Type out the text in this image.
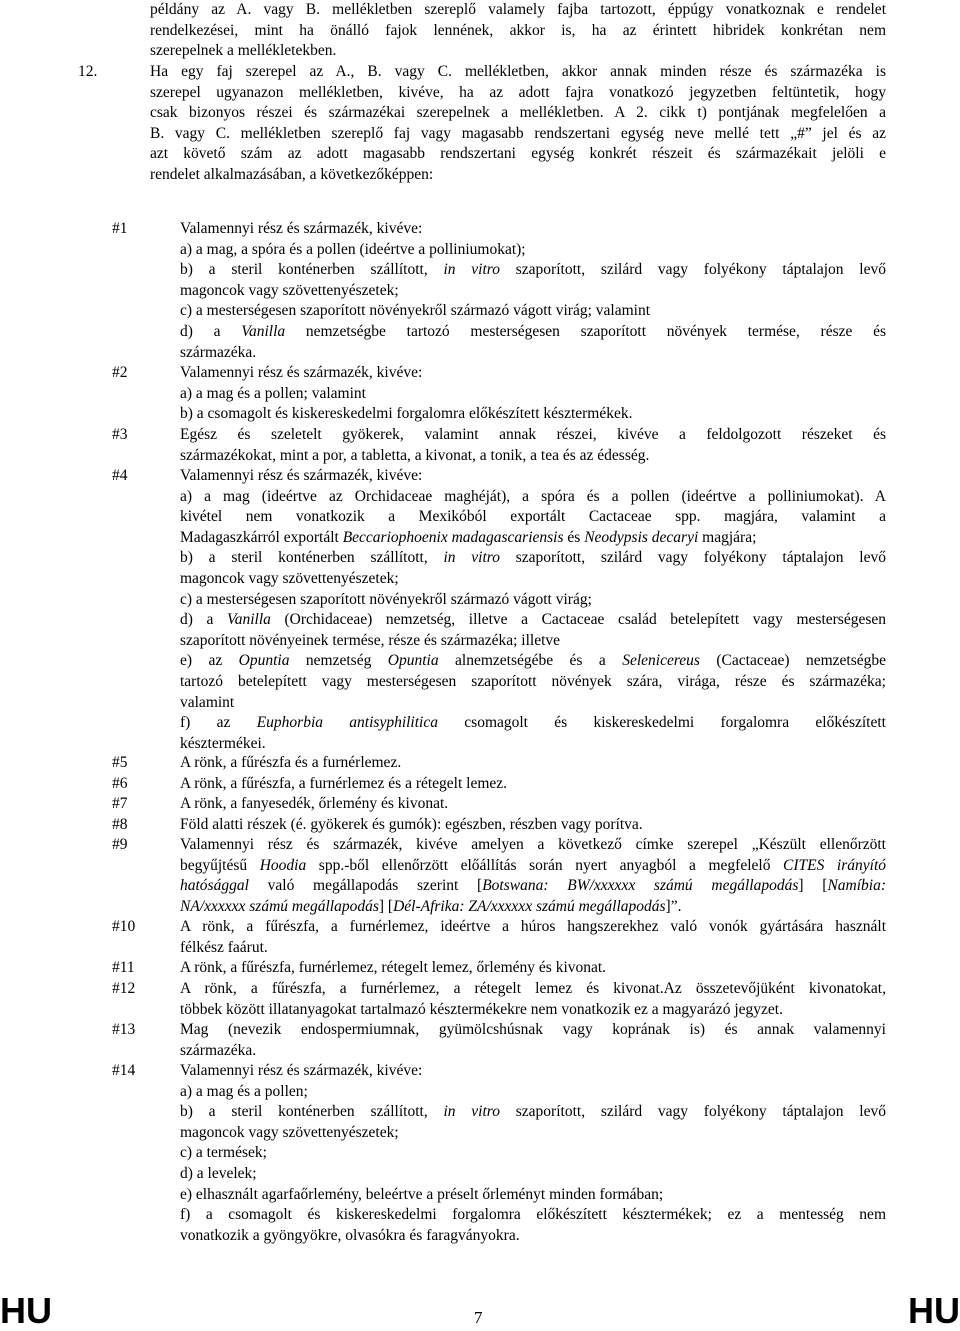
példány az A. vagy B. mellékletben szereplő valamely fajba tartozott, éppúgy vonatkoznak e rendelet
rendelkezései, mint ha önálló fajok lennének, akkor is, ha az érintett hibridek konkrétan nem
szerepelnek a mellékletekben.
12.	Ha egy faj szerepel az A., B. vagy C. mellékletben, akkor annak minden része és származéka is
szerepel ugyanazon mellékletben, kivéve, ha az adott fajra vonatkozó jegyzetben feltüntetik, hogy
csak bizonyos részei és származékai szerepelnek a mellékletben. A 2. cikk t) pontjának megfelelően a
B. vagy C. mellékletben szereplő faj vagy magasabb rendszertani egység neve mellé tett „#” jel és az
azt követő szám az adott magasabb rendszertani egység konkrét részeit és származékait jelöli e
rendelet alkalmazásában, a következőképpen:
#1	Valamennyi rész és származék, kivéve:
a) a mag, a spóra és a pollen (ideértve a polliniumokat);
b) a steril konténerben szállított, in vitro szaporított, szilárd vagy folyékony táptalajon levő
magoncok vagy szövettenyészetek;
c) a mesterségesen szaporított növényekről származó vágott virág; valamint
d) a Vanilla nemzetségbe tartozó mesterségesen szaporított növények termése, része és
származéka.
#2	Valamennyi rész és származék, kivéve:
a) a mag és a pollen; valamint
b) a csomagolt és kiskereskedelmi forgalomra előkészített késztermékek.
#3	Egész és szeletelt gyökerek, valamint annak részei, kivéve a feldolgozott részeket és
származékokat, mint a por, a tabletta, a kivonat, a tonik, a tea és az édesség.
#4	Valamennyi rész és származék, kivéve:
a) a mag (ideértve az Orchidaceae maghéját), a spóra és a pollen (ideértve a polliniumokat). A
kivétel nem vonatkozik a Mexikóból exportált Cactaceae spp. magjára, valamint a
Madagaszkárról exportált Beccariophoenix madagascariensis és Neodypsis decaryi magjára;
b) a steril konténerben szállított, in vitro szaporított, szilárd vagy folyékony táptalajon levő
magoncok vagy szövettenyészetek;
c) a mesterségesen szaporított növényekről származó vágott virág;
d) a Vanilla (Orchidaceae) nemzetség, illetve a Cactaceae család betelepített vagy mesterségesen
szaporított növényeinek termése, része és származéka; illetve
e) az Opuntia nemzetség Opuntia alnemzetségébe és a Selenicereus (Cactaceae) nemzetségbe
tartozó betelepített vagy mesterségesen szaporított növények szára, virága, része és származéka;
valamint
f) az Euphorbia antisyphilitica csomagolt és kiskereskedelmi forgalomra előkészített
késztermékei.
#5	A rönk, a fűrészfa és a furnérlemez.
#6	A rönk, a fűrészfa, a furnérlemez és a rétegelt lemez.
#7	A rönk, a fanyesedék, őrlemény és kivonat.
#8	Föld alatti részek (é. gyökerek és gumók): egészben, részben vagy porítva.
#9	Valamennyi rész és származék, kivéve amelyen a következő címke szerepel „Készült ellenőrzött
begyűjtésű Hoodia spp.-ből ellenőrzött előállítás során nyert anyagból a megfelelő CITES irányító
hatósággal való megállapodás szerint [Botswana: BW/xxxxxx számú megállapodás] [Namíbia:
NA/xxxxxx számú megállapodás] [Dél-Afrika: ZA/xxxxxx számú megállapodás]”.
#10	A rönk, a fűrészfa, a furnérlemez, ideértve a húros hangszerekhez való vonók gyártására használt
félkész faárut.
#11	A rönk, a fűrészfa, furnérlemez, rétegelt lemez, őrlemény és kivonat.
#12	A rönk, a fűrészfa, a furnérlemez, a rétegelt lemez és kivonat.Az összetevőjüként kivonatokat,
többek között illatanyagokat tartalmazó késztermékekre nem vonatkozik ez a magyarázó jegyzet.
#13	Mag (nevezik endospermiumnak, gyümölcshúsnak vagy koprának is) és annak valamennyi
származéka.
#14	Valamennyi rész és származék, kivéve:
a) a mag és a pollen;
b) a steril konténerben szállított, in vitro szaporított, szilárd vagy folyékony táptalajon levő
magoncok vagy szövettenyészetek;
c) a termések;
d) a levelek;
e) elhasznált agarfaőrlemény, beleértve a préselt őrleményt minden formában;
f) a csomagolt és kiskereskedelmi forgalomra előkészített késztermékek; ez a mentesség nem
vonatkozik a gyöngyökre, olvasókra és faragványokra.
HU	7	HU
